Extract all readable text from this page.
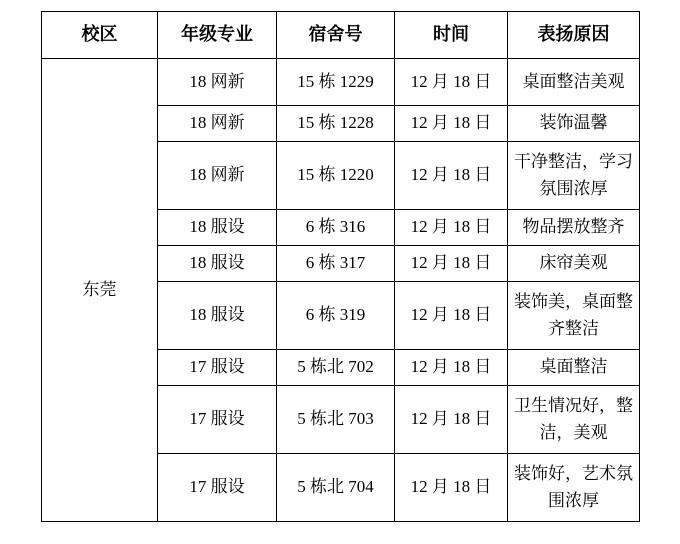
校区	年级专业	宿舍号	时间	表扬原因
东莞	18 网新	15 栋 1229	12 月 18 日	桌面整洁美观
	18 网新	15 栋 1228	12 月 18 日	装饰温馨
	18 网新	15 栋 1220	12 月 18 日	干净整洁，学习氛围浓厚
	18 服设	6 栋 316	12 月 18 日	物品摆放整齐
	18 服设	6 栋 317	12 月 18 日	床帘美观
	18 服设	6 栋 319	12 月 18 日	装饰美，桌面整齐整洁
	17 服设	5 栋北 702	12 月 18 日	桌面整洁
	17 服设	5 栋北 703	12 月 18 日	卫生情况好，整洁，美观
	17 服设	5 栋北 704	12 月 18 日	装饰好，艺术氛围浓厚
